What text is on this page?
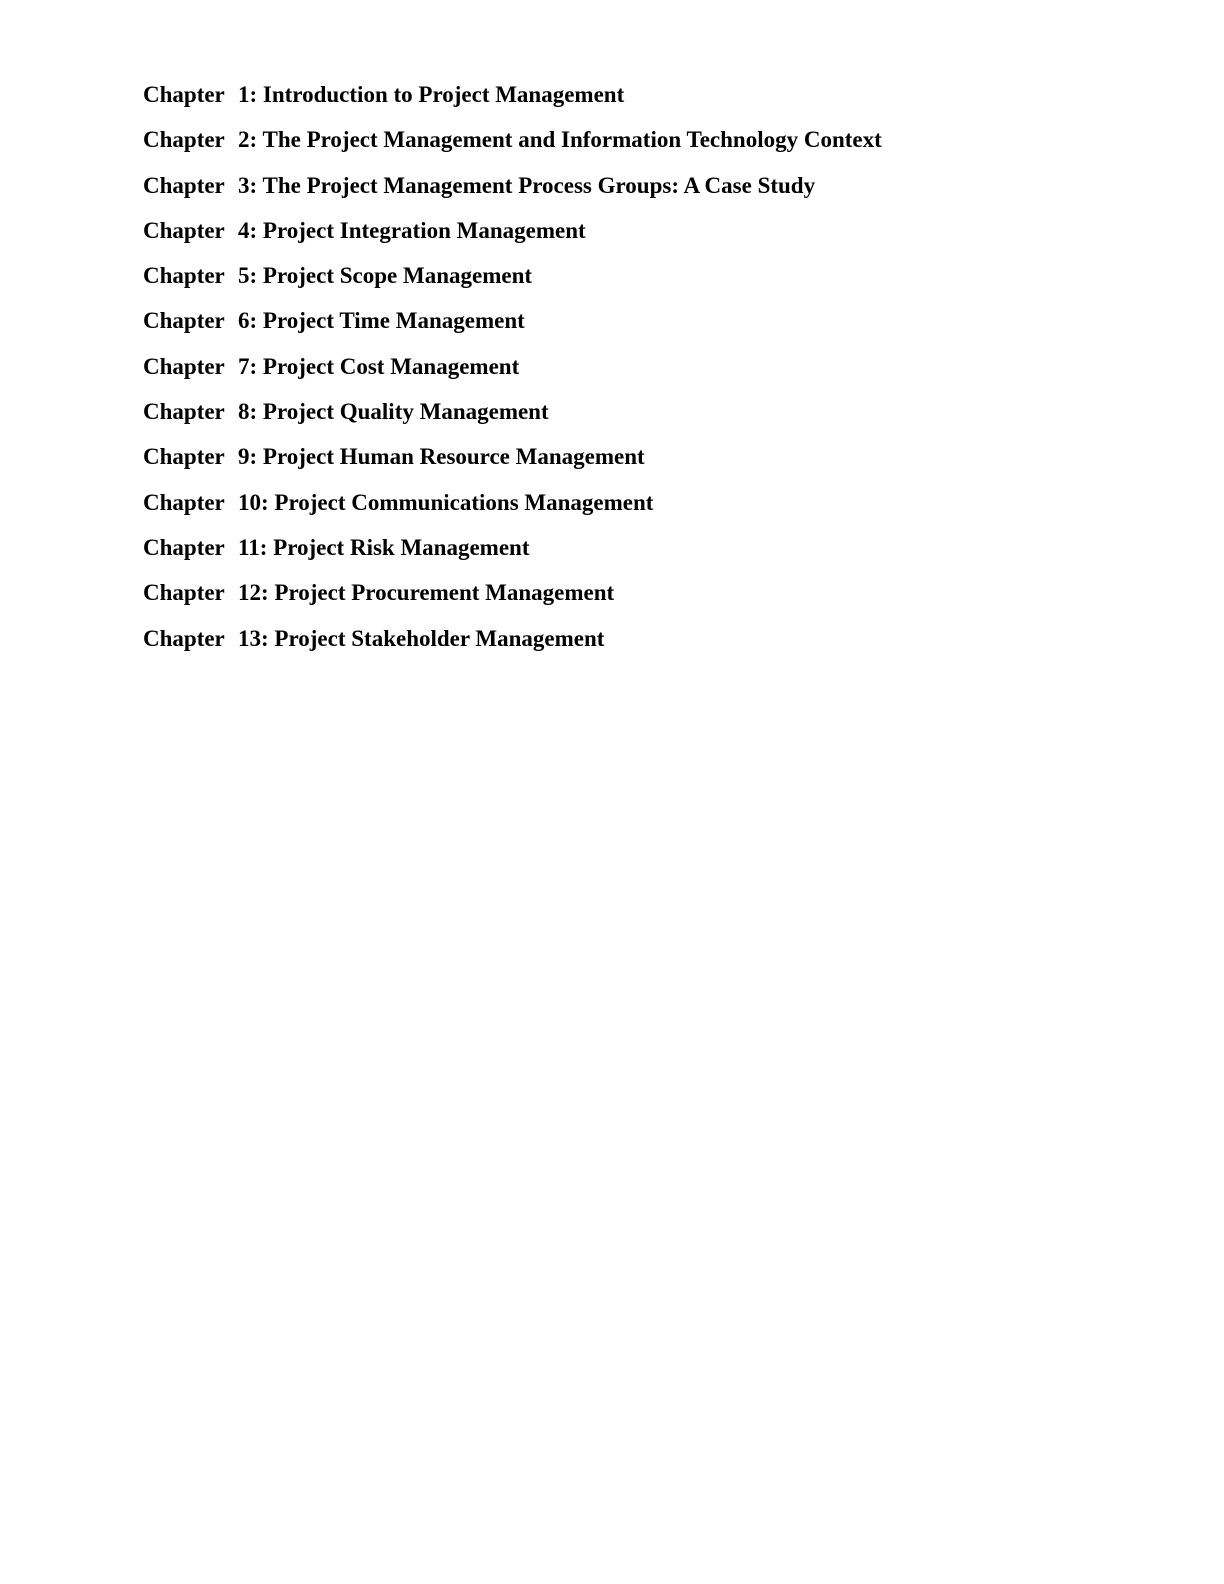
Chapter 1: Introduction to Project Management
Chapter 2: The Project Management and Information Technology Context
Chapter 3: The Project Management Process Groups: A Case Study
Chapter 4: Project Integration Management
Chapter 5: Project Scope Management
Chapter 6: Project Time Management
Chapter 7: Project Cost Management
Chapter 8: Project Quality Management
Chapter 9: Project Human Resource Management
Chapter 10: Project Communications Management
Chapter 11: Project Risk Management
Chapter 12: Project Procurement Management
Chapter 13: Project Stakeholder Management
